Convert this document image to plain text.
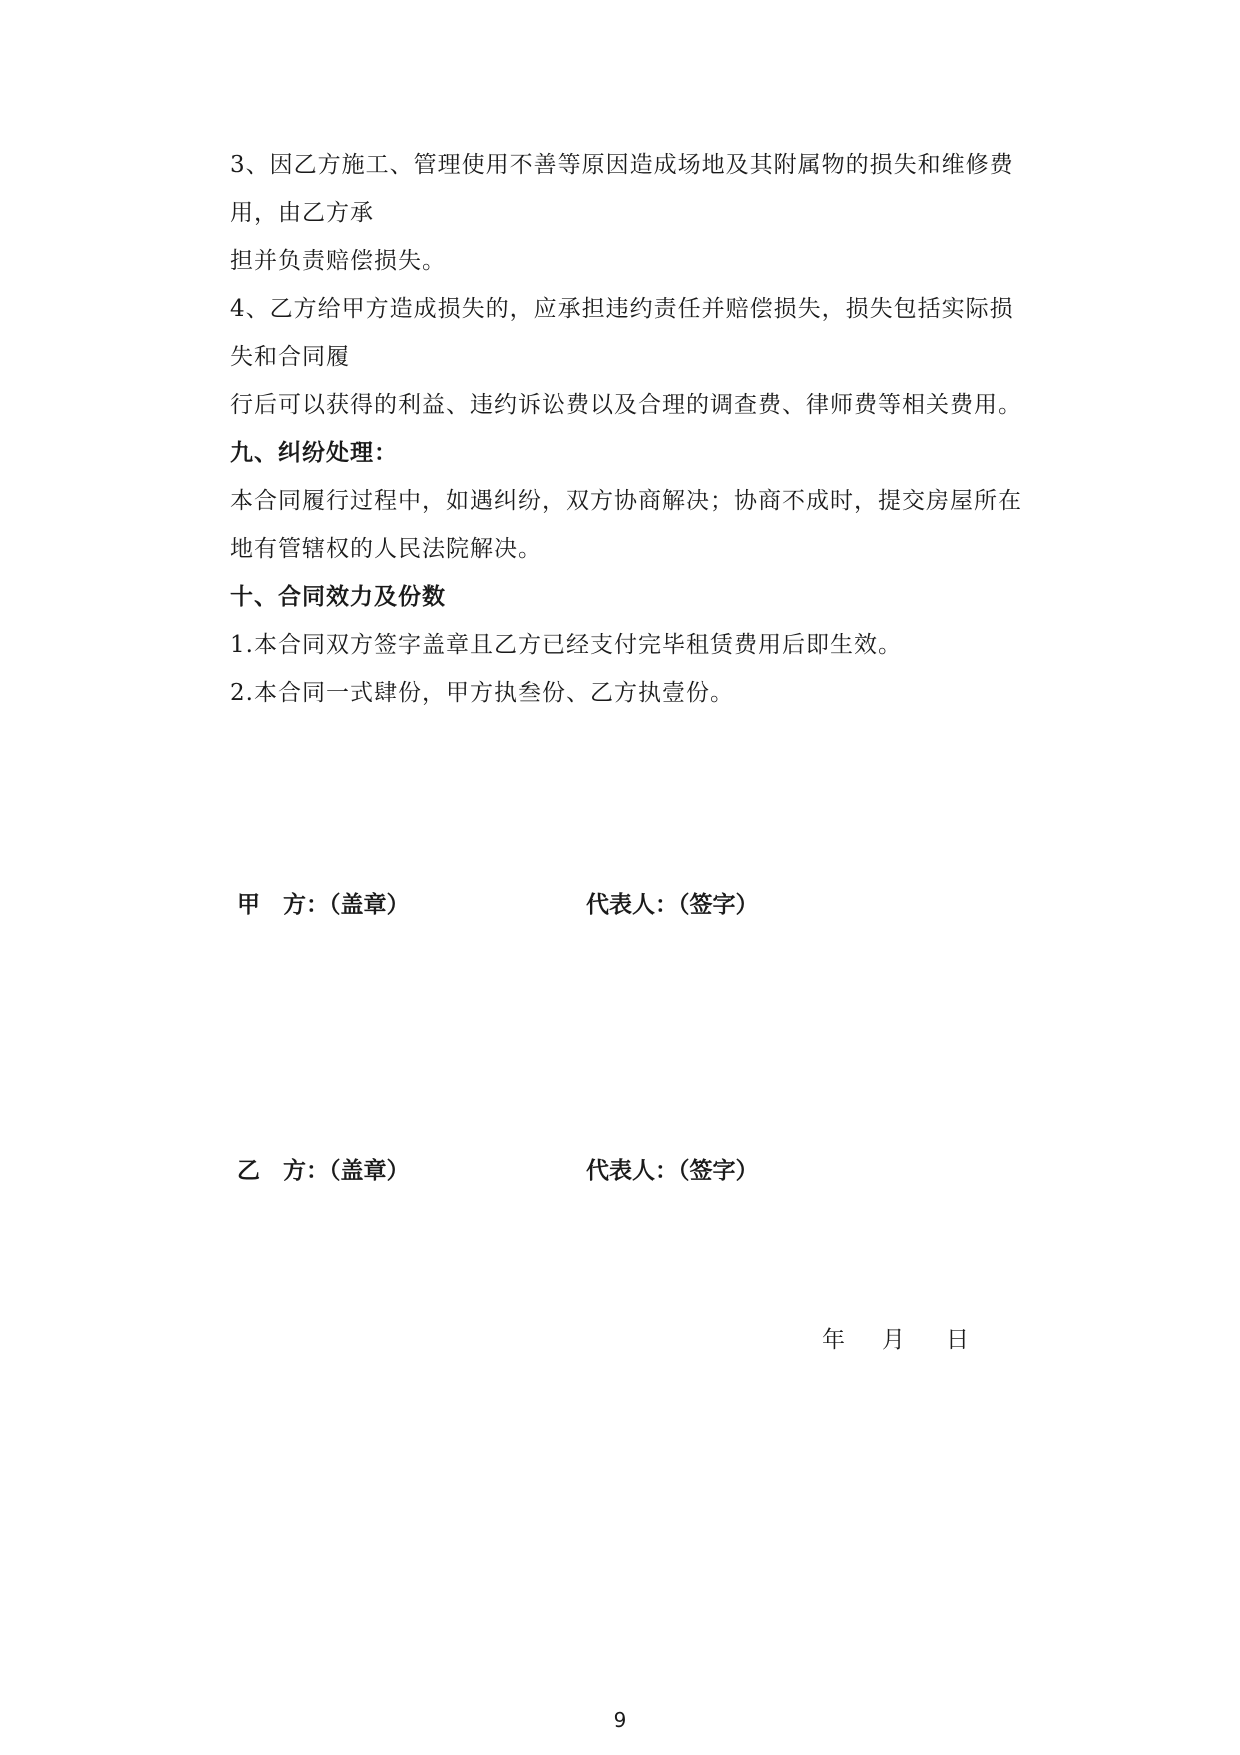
3、因乙方施工、管理使用不善等原因造成场地及其附属物的损失和维修费
用，由乙方承
担并负责赔偿损失。
4、乙方给甲方造成损失的，应承担违约责任并赔偿损失，损失包括实际损
失和合同履
行后可以获得的利益、违约诉讼费以及合理的调查费、律师费等相关费用。
九、纠纷处理：
本合同履行过程中，如遇纠纷，双方协商解决；协商不成时，提交房屋所在
地有管辖权的人民法院解决。
十、合同效力及份数
1.本合同双方签字盖章且乙方已经支付完毕租赁费用后即生效。
2.本合同一式肆份，甲方执叁份、乙方执壹份。
甲　方：（盖章）	代表人：（签字）
乙　方：（盖章）	代表人：（签字）
年 月 日
9
